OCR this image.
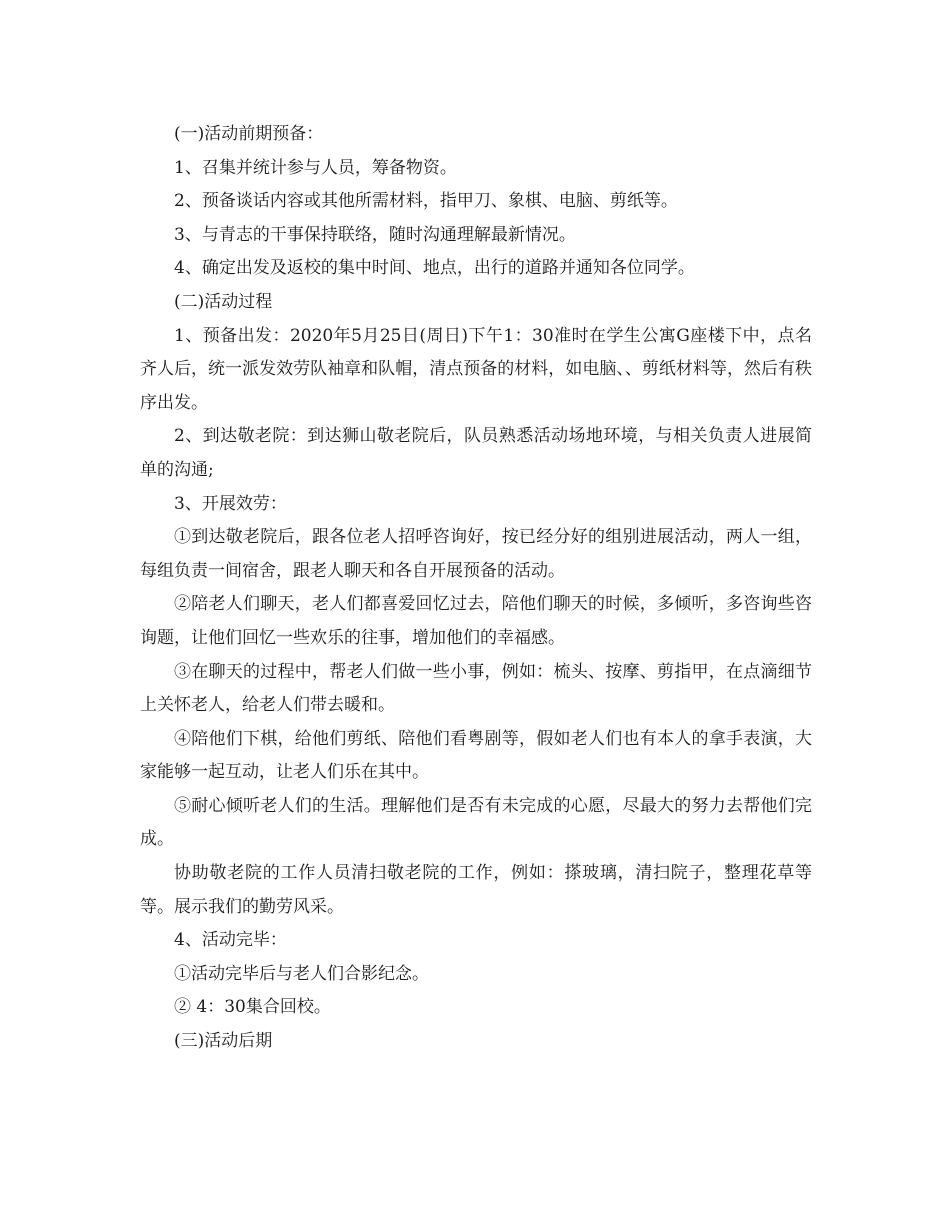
(一)活动前期预备：

1、召集并统计参与人员，筹备物资。

2、预备谈话内容或其他所需材料，指甲刀、象棋、电脑、剪纸等。

3、与青志的干事保持联络，随时沟通理解最新情况。

4、确定出发及返校的集中时间、地点，出行的道路并通知各位同学。

(二)活动过程

1、预备出发：2020年5月25日(周日)下午1：30准时在学生公寓G座楼下中，点名齐人后，统一派发效劳队袖章和队帽，清点预备的材料，如电脑、、剪纸材料等，然后有秩序出发。

2、到达敬老院：到达狮山敬老院后，队员熟悉活动场地环境，与相关负责人进展简单的沟通;

3、开展效劳：

①到达敬老院后，跟各位老人招呼咨询好，按已经分好的组别进展活动，两人一组，每组负责一间宿舍，跟老人聊天和各自开展预备的活动。

②陪老人们聊天，老人们都喜爱回忆过去，陪他们聊天的时候，多倾听，多咨询些咨询题，让他们回忆一些欢乐的往事，增加他们的幸福感。

③在聊天的过程中，帮老人们做一些小事，例如：梳头、按摩、剪指甲，在点滴细节上关怀老人，给老人们带去暖和。

④陪他们下棋，给他们剪纸、陪他们看粤剧等，假如老人们也有本人的拿手表演，大家能够一起互动，让老人们乐在其中。

⑤耐心倾听老人们的生活。理解他们是否有未完成的心愿，尽最大的努力去帮他们完成。

协助敬老院的工作人员清扫敬老院的工作，例如：搽玻璃，清扫院子，整理花草等等。展示我们的勤劳风采。

4、活动完毕：

①活动完毕后与老人们合影纪念。

② 4：30集合回校。

(三)活动后期
